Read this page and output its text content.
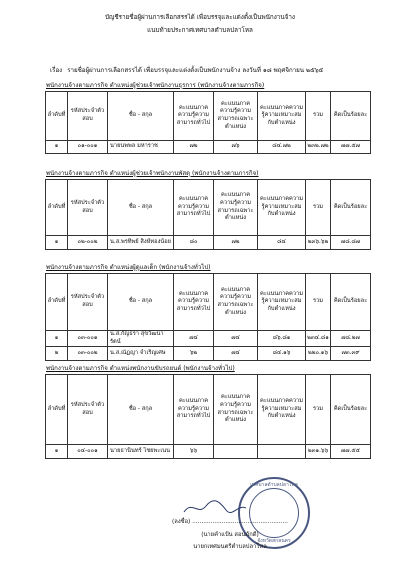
บัญชีรายชื่อผู้ผ่านการเลือกสรรได้ เพื่อบรรจุและแต่งตั้งเป็นพนักงานจ้าง
แนบท้ายประกาศเทศบาลตำบลปลาโหล
เรื่อง รายชื่อผู้ผ่านการเลือกสรรได้ เพื่อบรรจุและแต่งตั้งเป็นพนักงานจ้าง ลงวันที่ ๑๘ พฤศจิกายน ๒๕๖๕
พนักงานจ้างตามภารกิจ ตำแหน่งผู้ช่วยเจ้าพนักงานธุรการ (พนักงานจ้างตามภารกิจ)
ลำดับที่	รหัสประจำตัวสอบ	ชื่อ - สกุล	คะแนนภาคความรู้ความสามารถทั่วไป	คะแนนภาคความรู้ความสามารถเฉพาะตำแหน่ง	คะแนนภาคความรู้ความเหมาะสมกับตำแหน่ง	รวม	คิดเป็นร้อยละ
๑	๐๑-๐๐๑	นายนพพล มหาราช	๗๒	๗๖	๘๔.๗๒	๒๓๒.๗๒	๗๗.๕๗
พนักงานจ้างตามภารกิจ ตำแหน่งผู้ช่วยเจ้าพนักงานพัสดุ (พนักงานจ้างตามภารกิจ)
ลำดับที่	รหัสประจำตัวสอบ	ชื่อ - สกุล	คะแนนภาคความรู้ความสามารถทั่วไป	คะแนนภาคความรู้ความสามารถเฉพาะตำแหน่ง	คะแนนภาคความรู้ความเหมาะสมกับตำแหน่ง	รวม	คิดเป็นร้อยละ
๑	๐๒-๐๐๒	น.ส.พรทิพย์ สิงห์ทองน้อย	๘๐	๗๒	๘๔	๒๓๖.๖๒	๗๘.๘๗
พนักงานจ้างตามภารกิจ ตำแหน่งผู้ดูแลเด็ก (พนักงานจ้างทั่วไป)
ลำดับที่	รหัสประจำตัวสอบ	ชื่อ - สกุล	คะแนนภาคความรู้ความสามารถทั่วไป	คะแนนภาคความรู้ความสามารถเฉพาะตำแหน่ง	คะแนนภาคความรู้ความเหมาะสมกับตำแหน่ง	รวม	คิดเป็นร้อยละ
๑	๐๓-๐๐๑	น.ส.กัญธรา สุขวัฒนารัตน์	๗๔	๗๔	๘๖.๘๑	๒๓๔.๘๑	๗๘.๒๗
๒	๐๓-๐๐๒	น.ส.ณัฏญา จำเริญเศษ	๖๒	๗๔	๘๔.๑๖	๒๒๐.๑๖	๗๓.๓๙
พนักงานจ้างตามภารกิจ ตำแหน่งพนักงานขับรถยนต์ (พนักงานจ้างทั่วไป)
ลำดับที่	รหัสประจำตัวสอบ	ชื่อ - สกุล	คะแนนภาคความรู้ความสามารถทั่วไป	คะแนนภาคความรู้ความสามารถเฉพาะตำแหน่ง	คะแนนภาคความรู้ความเหมาะสมกับตำแหน่ง	รวม	คิดเป็นร้อยละ
๑	๐๔-๐๐๑	นายธานินทร์ ไชยพะเนน	๖๖			๒๓๑.๖๖	๗๗.๕๕
เทศบาลตำบลปลาโหล
จังหวัดสกลนคร
(ลงชื่อ) ....................................................
(นายคำแป้น สอนภักดี)
นายกเทศมนตรีตำบลปลาโหล
